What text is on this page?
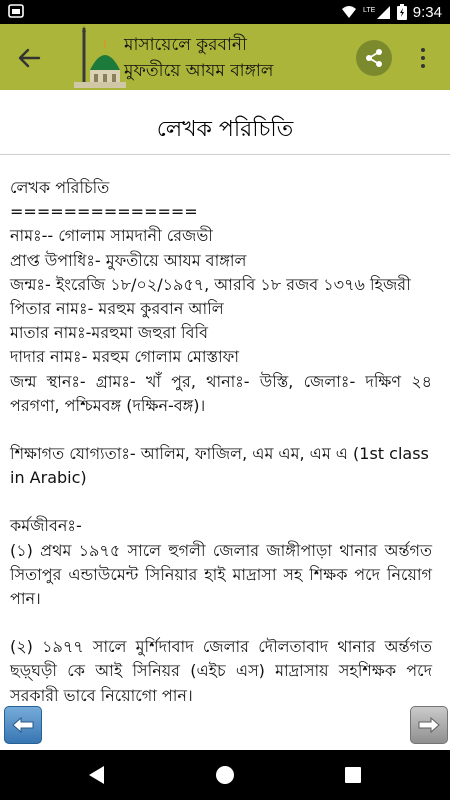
LTE	9:34
মাসায়েলে কুরবানী
মুফতীয়ে আযম বাঙ্গাল
লেখক পরিচিতি

লেখক পরিচিতি

==============

নামঃ-- গোলাম সামদানী রেজভী

প্রাপ্ত উপাধিঃ- মুফতীয়ে আযম বাঙ্গাল

জন্মঃ- ইংরেজি ১৮/০২/১৯৫৭, আরবি ১৮ রজব ১৩৭৬ হিজরী

পিতার নামঃ- মরহুম কুরবান আলি

মাতার নামঃ-মরহুমা জহুরা বিবি

দাদার নামঃ- মরহুম গোলাম মোস্তাফা

জন্ম স্থানঃ- গ্রামঃ- খাঁ পুর, থানাঃ- উস্তি, জেলাঃ- দক্ষিণ ২৪ পরগণা, পশ্চিমবঙ্গ (দক্ষিন-বঙ্গ)।

শিক্ষাগত যোগ্যতাঃ- আলিম, ফাজিল, এম এম, এম এ (1st class in Arabic)

কর্মজীবনঃ-

(১) প্রথম ১৯৭৫ সালে হুগলী জেলার জাঙ্গীপাড়া থানার অর্ন্তগত সিতাপুর এন্ডাউমেন্ট সিনিয়ার হাই মাদ্রাসা সহ শিক্ষক পদে নিয়োগ পান।

(২) ১৯৭৭ সালে মুর্শিদাবাদ জেলার দৌলতাবাদ থানার অর্ন্তগত ছড়্ঘড়ী কে আই সিনিয়র (এইচ এস) মাদ্রাসায় সহশিক্ষক পদে সরকারী ভাবে নিয়োগো পান।
